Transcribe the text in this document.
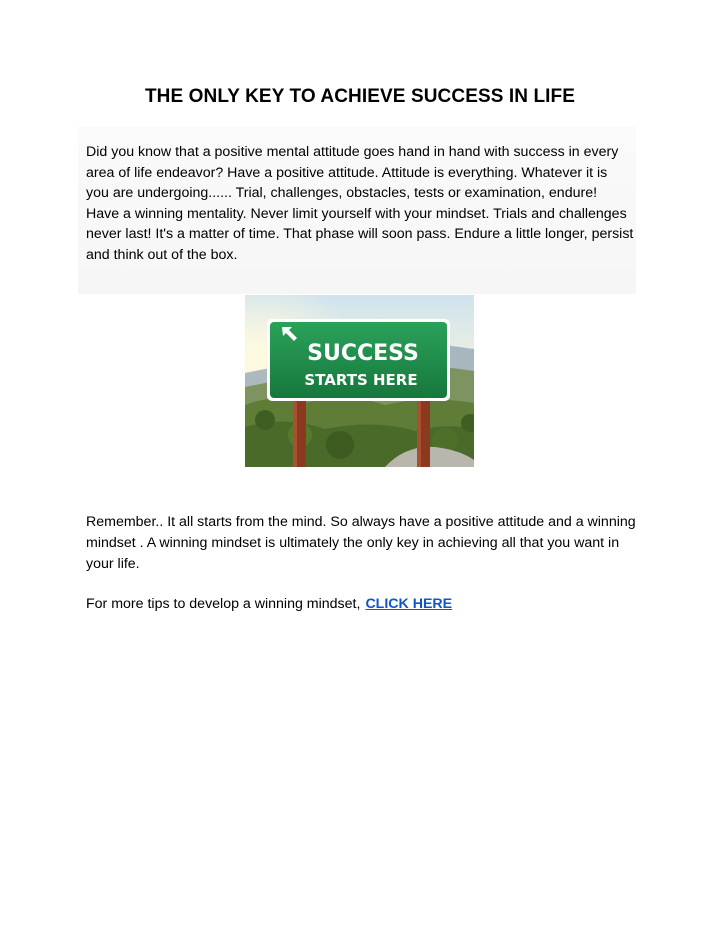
THE ONLY KEY TO ACHIEVE SUCCESS IN LIFE
Did you know that a positive mental attitude goes hand in hand with success in every area of life endeavor? Have a positive attitude. Attitude is everything. Whatever it is you are undergoing...... Trial, challenges, obstacles, tests or examination, endure! Have a winning mentality. Never limit yourself with your mindset. Trials and challenges never last! It's a matter of time. That phase will soon pass. Endure a little longer, persist and think out of the box.
SUCCESS
STARTS HERE
Remember.. It all starts from the mind. So always have a positive attitude and a winning mindset . A winning mindset is ultimately the only key in achieving all that you want in your life.
For more tips to develop a winning mindset, CLICK HERE
